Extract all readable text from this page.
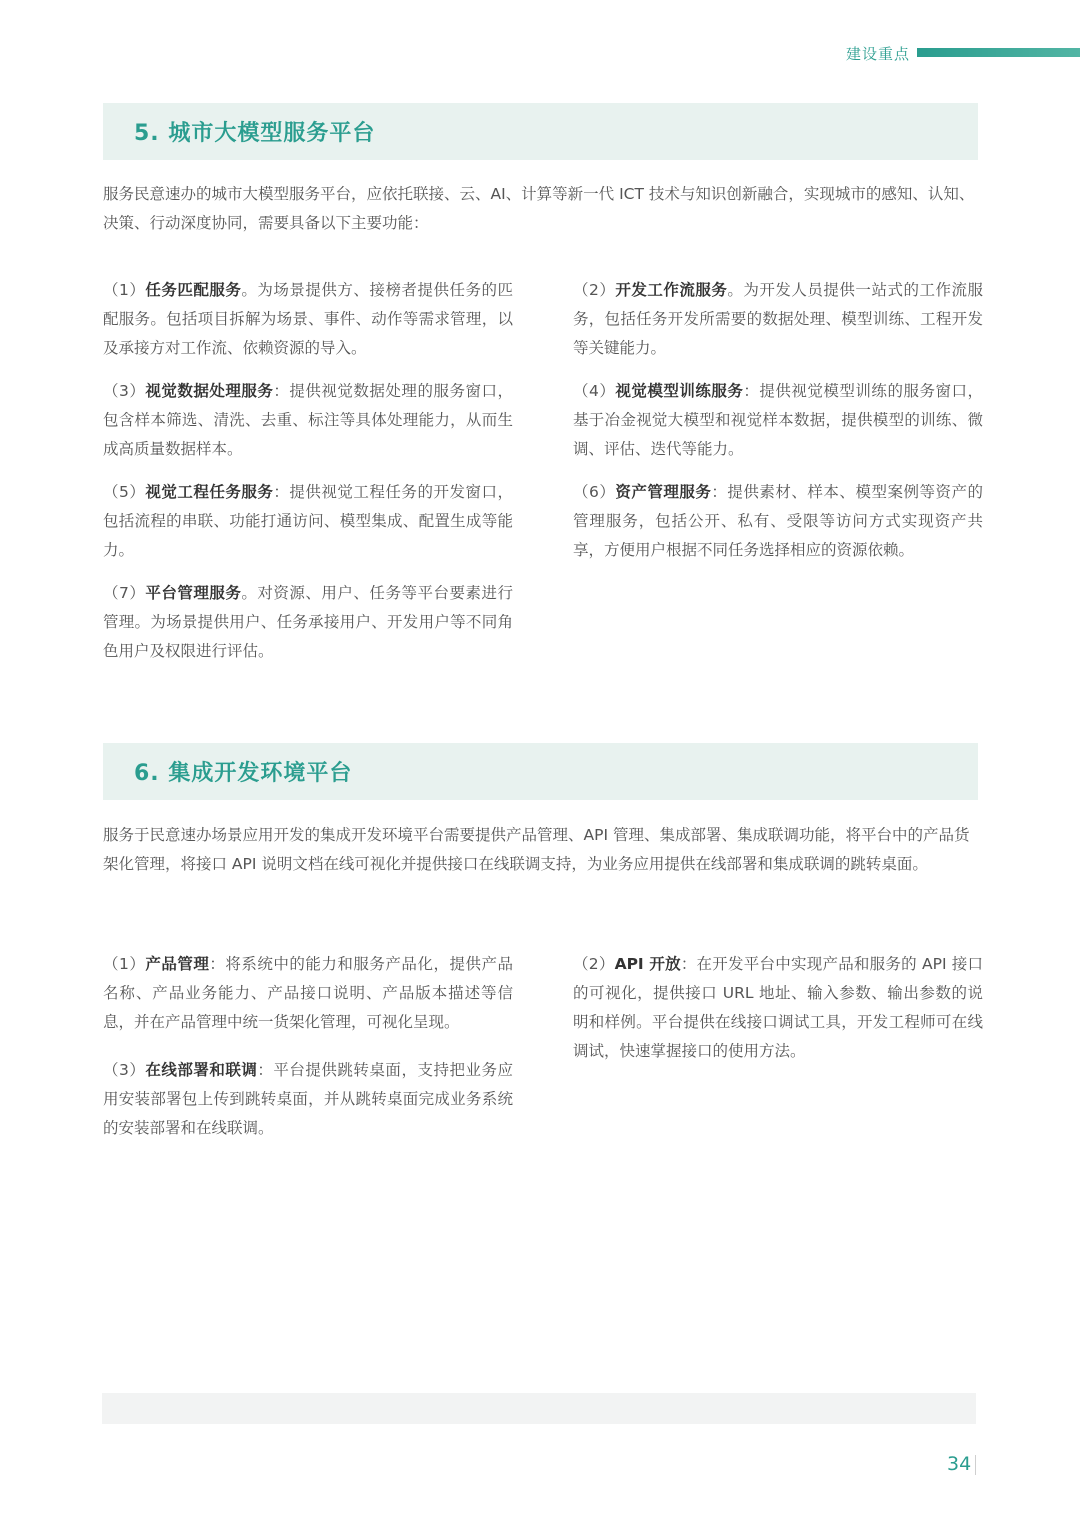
建设重点
5. 城市大模型服务平台

服务民意速办的城市大模型服务平台，应依托联接、云、AI、计算等新一代 ICT 技术与知识创新融合，实现城市的感知、认知、决策、行动深度协同，需要具备以下主要功能：

（1）任务匹配服务。为场景提供方、接榜者提供任务的匹配服务。包括项目拆解为场景、事件、动作等需求管理，以及承接方对工作流、依赖资源的导入。

（2）开发工作流服务。为开发人员提供一站式的工作流服务，包括任务开发所需要的数据处理、模型训练、工程开发等关键能力。

（3）视觉数据处理服务：提供视觉数据处理的服务窗口，包含样本筛选、清洗、去重、标注等具体处理能力，从而生成高质量数据样本。

（4）视觉模型训练服务：提供视觉模型训练的服务窗口，基于冶金视觉大模型和视觉样本数据，提供模型的训练、微调、评估、迭代等能力。

（5）视觉工程任务服务：提供视觉工程任务的开发窗口，包括流程的串联、功能打通访问、模型集成、配置生成等能力。

（6）资产管理服务：提供素材、样本、模型案例等资产的管理服务，包括公开、私有、受限等访问方式实现资产共享，方便用户根据不同任务选择相应的资源依赖。

（7）平台管理服务。对资源、用户、任务等平台要素进行管理。为场景提供用户、任务承接用户、开发用户等不同角色用户及权限进行评估。

6. 集成开发环境平台

服务于民意速办场景应用开发的集成开发环境平台需要提供产品管理、API 管理、集成部署、集成联调功能，将平台中的产品货架化管理，将接口 API 说明文档在线可视化并提供接口在线联调支持，为业务应用提供在线部署和集成联调的跳转桌面。

（1）产品管理：将系统中的能力和服务产品化，提供产品名称、产品业务能力、产品接口说明、产品版本描述等信息，并在产品管理中统一货架化管理，可视化呈现。

（2）API 开放：在开发平台中实现产品和服务的 API 接口的可视化，提供接口 URL 地址、输入参数、输出参数的说明和样例。平台提供在线接口调试工具，开发工程师可在线调试，快速掌握接口的使用方法。

（3）在线部署和联调：平台提供跳转桌面，支持把业务应用安装部署包上传到跳转桌面，并从跳转桌面完成业务系统的安装部署和在线联调。

34
